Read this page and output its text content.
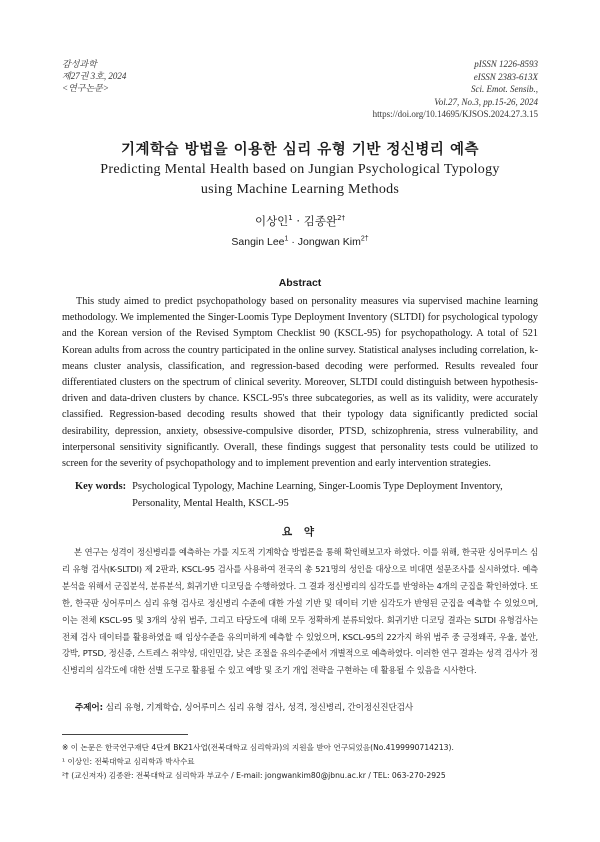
감성과학
제27권 3호, 2024
<연구논문>
pISSN 1226-8593
eISSN 2383-613X
Sci. Emot. Sensib.,
Vol.27, No.3, pp.15-26, 2024
https://doi.org/10.14695/KJSOS.2024.27.3.15
기계학습 방법을 이용한 심리 유형 기반 정신병리 예측
Predicting Mental Health based on Jungian Psychological Typology
using Machine Learning Methods
이상인$^1$ · 김종완$^{2\dagger}$
Sangin Lee$^1$ · Jongwan Kim$^{2\dagger}$
Abstract

This study aimed to predict psychopathology based on personality measures via supervised machine learning methodology. We implemented the Singer-Loomis Type Deployment Inventory (SLTDI) for psychological typology and the Korean version of the Revised Symptom Checklist 90 (KSCL-95) for psychopathology. A total of 521 Korean adults from across the country participated in the online survey. Statistical analyses including correlation, k-means cluster analysis, classification, and regression-based decoding were performed. Results revealed four differentiated clusters on the spectrum of clinical severity. Moreover, SLTDI could distinguish between hypothesis-driven and data-driven clusters by chance. KSCL-95's three subcategories, as well as its validity, were accurately classified. Regression-based decoding results showed that their typology data significantly predicted social desirability, depression, anxiety, obsessive-compulsive disorder, PTSD, schizophrenia, stress vulnerability, and interpersonal sensitivity significantly. Overall, these findings suggest that personality tests could be utilized to screen for the severity of psychopathology and to implement prevention and early intervention strategies.

Key words: Psychological Typology, Machine Learning, Singer-Loomis Type Deployment Inventory, Personality, Mental Health, KSCL-95
요 약

본 연구는 성격이 정신병리를 예측하는 가를 지도적 기계학습 방법론을 통해 확인해보고자 하였다. 이를 위해, 한국판 싱어루미스 심리 유형 검사(K-SLTDI) 제 2판과, KSCL-95 검사를 사용하여 전국의 총 521명의 성인을 대상으로 비대면 설문조사를 실시하였다. 예측 분석을 위해서 군집분석, 분류분석, 회귀기반 디코딩을 수행하였다. 그 결과 정신병리의 심각도를 반영하는 4개의 군집을 확인하였다. 또한, 한국판 싱어루미스 심리 유형 검사로 정신병리 수준에 대한 가설 기반 및 데이터 기반 심각도가 반영된 군집을 예측할 수 있었으며, 이는 전체 KSCL-95 및 3개의 상위 범주, 그리고 타당도에 대해 모두 정확하게 분류되었다. 회귀기반 디코딩 결과는 SLTDI 유형검사는 전체 검사 데이터를 활용하였을 때 임상수준을 유의미하게 예측할 수 있었으며, KSCL-95의 22가지 하위 범주 중 긍정왜곡, 우울, 불안, 강박, PTSD, 정신증, 스트레스 취약성, 대인민감, 낮은 조절을 유의수준에서 개별적으로 예측하였다. 이러한 연구 결과는 성격 검사가 정신병리의 심각도에 대한 선별 도구로 활용될 수 있고 예방 및 조기 개입 전략을 구현하는 데 활용될 수 있음을 시사한다.

주제어: 심리 유형, 기계학습, 싱어루미스 심리 유형 검사, 성격, 정신병리, 간이정신진단검사
※ 이 논문은 한국연구재단 4단계 BK21사업(전북대학교 심리학과)의 지원을 받아 연구되었음(No.4199990714213).
¹ 이상인: 전북대학교 심리학과 박사수료
²† (교신저자) 김종완: 전북대학교 심리학과 부교수 / E-mail: jongwankim80@jbnu.ac.kr / TEL: 063-270-2925
